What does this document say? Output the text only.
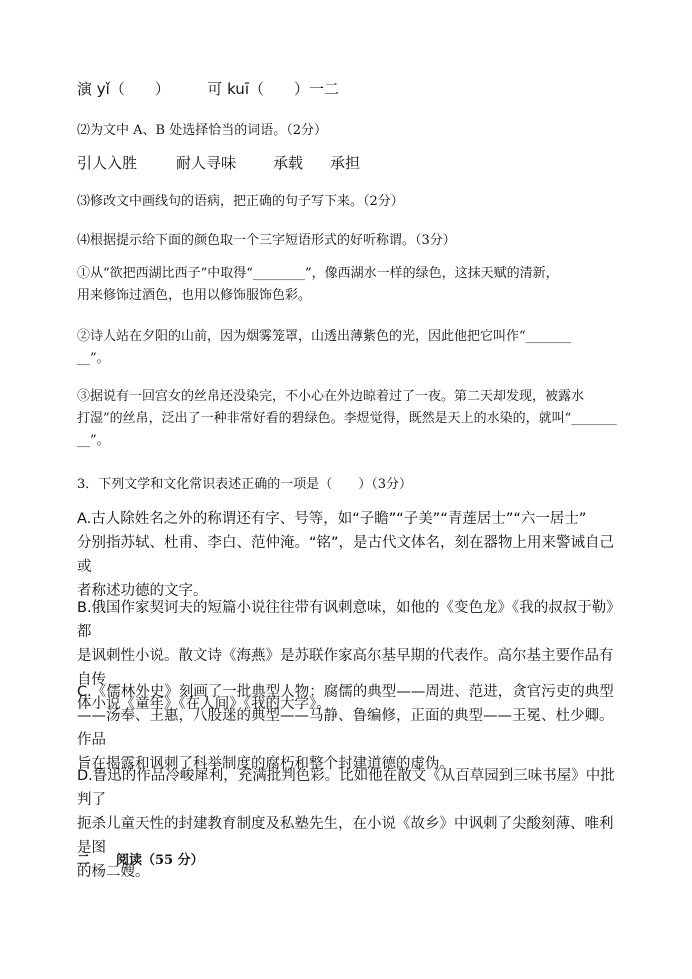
演 yǐ（　　）　　　可 kuī（　　）一二

⑵为文中 A、B 处选择恰当的词语。（2分）

引人入胜	耐人寻味 承载 承担

⑶修改文中画线句的语病，把正确的句子写下来。（2分）

⑷根据提示给下面的颜色取一个三字短语形式的好听称谓。（3分）

①从“欲把西湖比西子”中取得“________”，像西湖水一样的绿色，这抹天赋的清新，
用来修饰过酒色，也用以修饰服饰色彩。
②诗人站在夕阳的山前，因为烟雾笼罩，山透出薄紫色的光，因此他把它叫作“_______
__”。
③据说有一回宫女的丝帛还没染完，不小心在外边晾着过了一夜。第二天却发现，被露水
打湿”的丝帛，泛出了一种非常好看的碧绿色。李煜觉得，既然是天上的水染的，就叫“_______
__”。

3．下列文学和文化常识表述正确的一项是（　　）（3分）

A.古人除姓名之外的称谓还有字、号等，如“子瞻”“子美”“青莲居士”“六一居士”
分别指苏轼、杜甫、李白、范仲淹。“铭”，是古代文体名，刻在器物上用来警诫自己或
者称述功德的文字。
B.俄国作家契诃夫的短篇小说往往带有讽刺意味，如他的《变色龙》《我的叔叔于勒》都
是讽刺性小说。散文诗《海燕》是苏联作家高尔基早期的代表作。高尔基主要作品有自传
体小说《童年》《在人间》《我的大学》。
C.《儒林外史》刻画了一批典型人物：腐儒的典型——周进、范进，贪官污吏的典型
——汤奉、王惠，八股迷的典型——马静、鲁编修，正面的典型——王冕、杜少卿。作品
旨在揭露和讽刺了科举制度的腐朽和整个封建道德的虚伪。
D.鲁迅的作品冷峻犀利，充满批判色彩。比如他在散文《从百草园到三味书屋》中批判了
扼杀儿童天性的封建教育制度及私塾先生，在小说《故乡》中讽刺了尖酸刻薄、唯利是图
的杨二嫂。

二 阅读（55 分）
